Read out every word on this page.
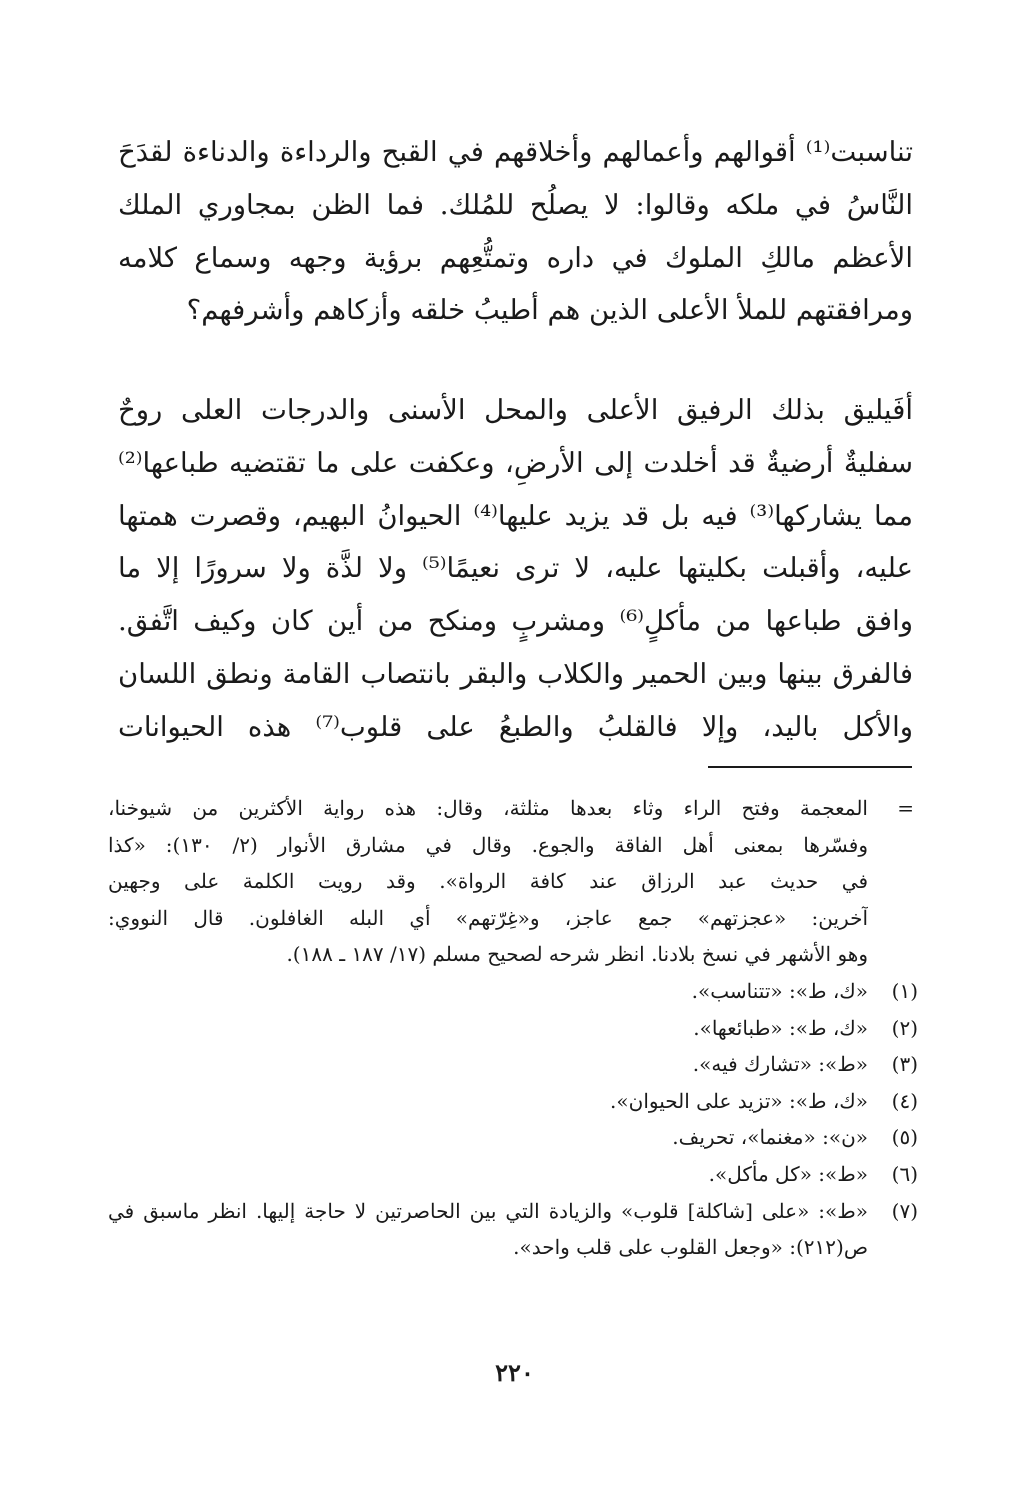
تناسبت⁽¹⁾ أقوالهم وأعمالهم وأخلاقهم في القبح والرداءة والدناءة لقدَحَ
النَّاسُ في ملكه وقالوا: لا يصلُح للمُلك. فما الظن بمجاوري الملك
الأعظم مالكِ الملوك في داره وتمتُّعِهم برؤية وجهه وسماع كلامه
ومرافقتهم للملأ الأعلى الذين هم أطيبُ خلقه وأزكاهم وأشرفهم؟
أفَيليق بذلك الرفيق الأعلى والمحل الأسنى والدرجات العلى روحٌ
سفليةٌ أرضيةٌ قد أخلدت إلى الأرضِ، وعكفت على ما تقتضيه طباعها⁽²⁾
مما يشاركها⁽³⁾ فيه بل قد يزيد عليها⁽⁴⁾ الحيوانُ البهيم، وقصرت همتها
عليه، وأقبلت بكليتها عليه، لا ترى نعيمًا⁽⁵⁾ ولا لذَّة ولا سرورًا إلا ما
وافق طباعها من مأكلٍ⁽⁶⁾ ومشربٍ ومنكح من أين كان وكيف اتَّفق.
فالفرق بينها وبين الحمير والكلاب والبقر بانتصاب القامة ونطق اللسان
والأكل باليد، وإلا فالقلبُ والطبعُ على قلوب⁽⁷⁾ هذه الحيوانات
=
المعجمة وفتح الراء وثاء بعدها مثلثة، وقال: هذه رواية الأكثرين من شيوخنا،
وفسّرها بمعنى أهل الفاقة والجوع. وقال في مشارق الأنوار (٢/ ١٣٠): «كذا
في حديث عبد الرزاق عند كافة الرواة». وقد رويت الكلمة على وجهين
آخرين: «عجزتهم» جمع عاجز، و«غِرّتهم» أي البله الغافلون. قال النووي:
وهو الأشهر في نسخ بلادنا. انظر شرحه لصحيح مسلم (١٧/ ١٨٧ ـ ١٨٨).
(١)
«ك، ط»: «تتناسب».
(٢)
«ك، ط»: «طبائعها».
(٣)
«ط»: «تشارك فيه».
(٤)
«ك، ط»: «تزيد على الحيوان».
(٥)
«ن»: «مغنما»، تحريف.
(٦)
«ط»: «كل مأكل».
(٧)
«ط»: «على [شاكلة] قلوب» والزيادة التي بين الحاصرتين لا حاجة إليها. انظر ماسبق في ص(٢١٢): «وجعل القلوب على قلب واحد».
٢٢٠
